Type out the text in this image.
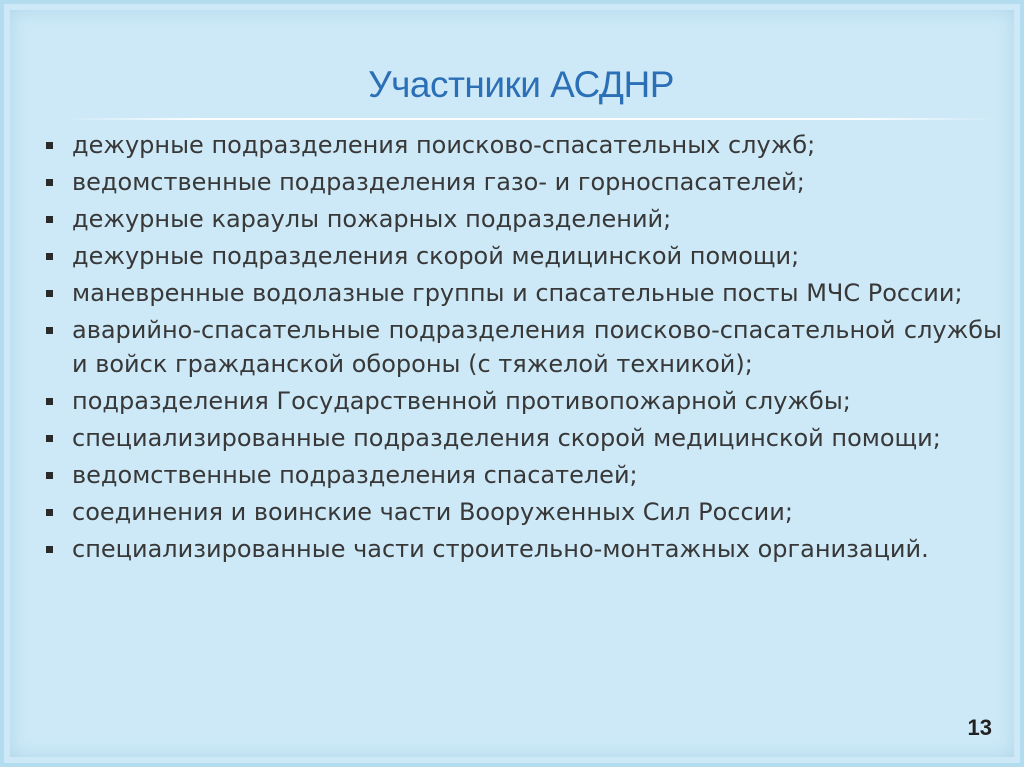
Участники АСДНР
дежурные подразделения поисково-спасательных служб;
ведомственные подразделения газо- и горноспасателей;
дежурные караулы пожарных подразделений;
дежурные подразделения скорой медицинской помощи;
маневренные водолазные группы и спасательные посты МЧС России;
аварийно-спасательные подразделения поисково-спасательной службы и войск гражданской обороны (с тяжелой техникой);
подразделения Государственной противопожарной службы;
специализированные подразделения скорой медицинской помощи;
ведомственные подразделения спасателей;
соединения и воинские части Вооруженных Сил России;
специализированные части строительно-монтажных организаций.
13
